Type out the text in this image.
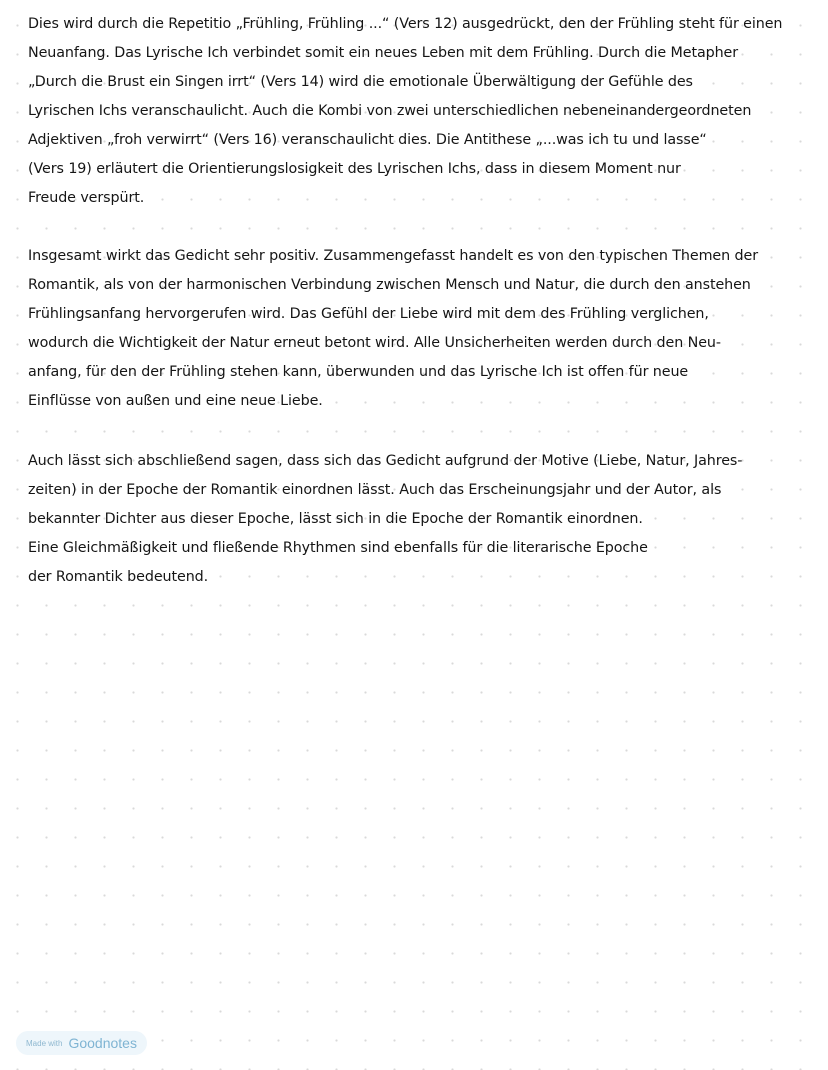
Dies wird durch die Repetitio „Frühling, Frühling ...“ (Vers 12) ausgedrückt, den der Frühling steht für einen
Neuanfang. Das Lyrische Ich verbindet somit ein neues Leben mit dem Frühling. Durch die Metapher
„Durch die Brust ein Singen irrt“ (Vers 14) wird die emotionale Überwältigung der Gefühle des
Lyrischen Ichs veranschaulicht. Auch die Kombi von zwei unterschiedlichen nebeneinandergeordneten
Adjektiven „froh verwirrt“ (Vers 16) veranschaulicht dies. Die Antithese „...was ich tu und lasse“
(Vers 19) erläutert die Orientierungslosigkeit des Lyrischen Ichs, dass in diesem Moment nur
Freude verspürt.
Insgesamt wirkt das Gedicht sehr positiv. Zusammengefasst handelt es von den typischen Themen der
Romantik, als von der harmonischen Verbindung zwischen Mensch und Natur, die durch den anstehen
Frühlingsanfang hervorgerufen wird. Das Gefühl der Liebe wird mit dem des Frühling verglichen,
wodurch die Wichtigkeit der Natur erneut betont wird. Alle Unsicherheiten werden durch den Neu-
anfang, für den der Frühling stehen kann, überwunden und das Lyrische Ich ist offen für neue
Einflüsse von außen und eine neue Liebe.
Auch lässt sich abschließend sagen, dass sich das Gedicht aufgrund der Motive (Liebe, Natur, Jahres-
zeiten) in der Epoche der Romantik einordnen lässt. Auch das Erscheinungsjahr und der Autor, als
bekannter Dichter aus dieser Epoche, lässt sich in die Epoche der Romantik einordnen.
Eine Gleichmäßigkeit und fließende Rhythmen sind ebenfalls für die literarische Epoche
der Romantik bedeutend.
Made with Goodnotes
